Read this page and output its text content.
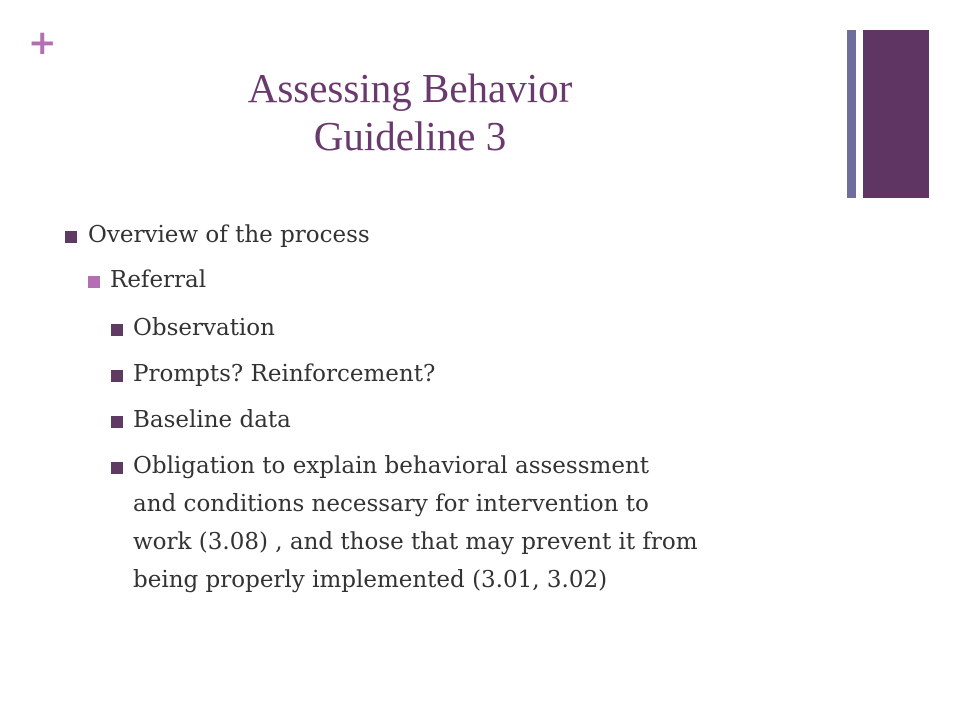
+
Assessing Behavior
Guideline 3
Overview of the process
Referral
Observation
Prompts? Reinforcement?
Baseline data
Obligation to explain behavioral assessment
and conditions necessary for intervention to
work (3.08) , and those that may prevent it from
being properly implemented (3.01, 3.02)
